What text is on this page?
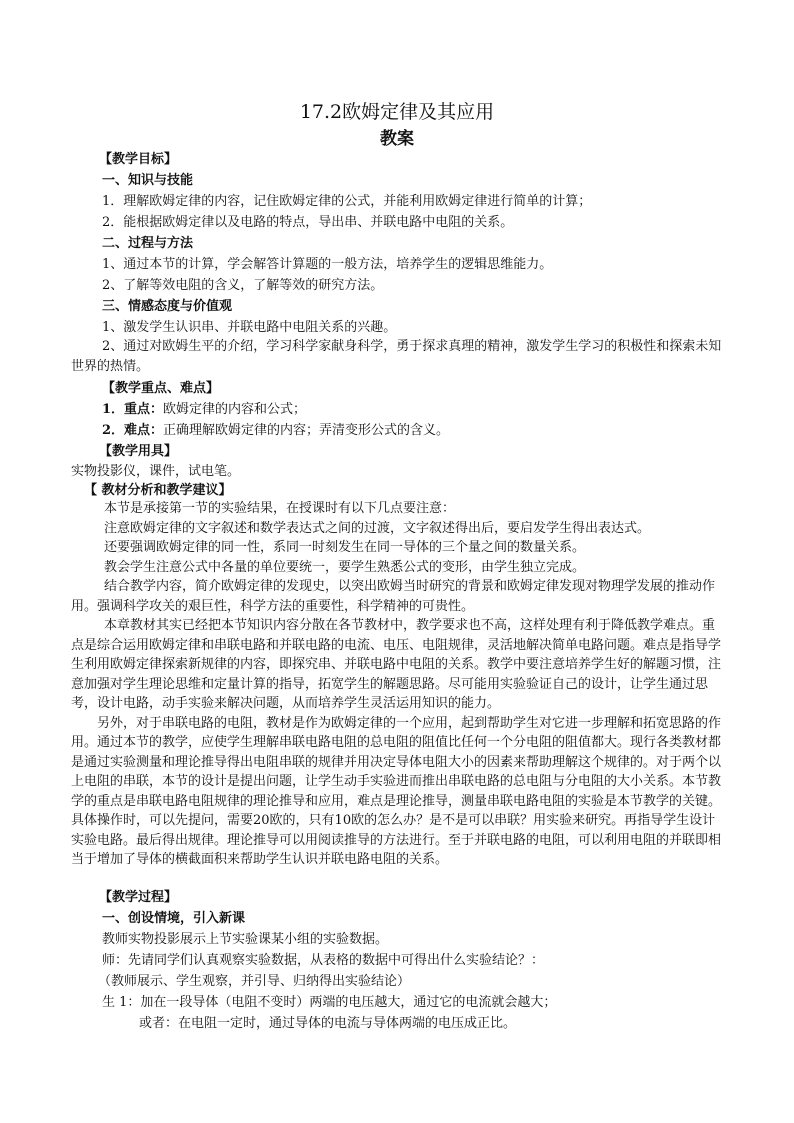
17.2欧姆定律及其应用
教案
【教学目标】
一、知识与技能
1．理解欧姆定律的内容，记住欧姆定律的公式，并能利用欧姆定律进行简单的计算；
2．能根据欧姆定律以及电路的特点，导出串、并联电路中电阻的关系。
二、过程与方法
1、通过本节的计算，学会解答计算题的一般方法，培养学生的逻辑思维能力。
2、了解等效电阻的含义，了解等效的研究方法。
三、情感态度与价值观
1、激发学生认识串、并联电路中电阻关系的兴趣。

2、通过对欧姆生平的介绍，学习科学家献身科学，勇于探求真理的精神，激发学生学习的积极性和探索未知世界的热情。

【教学重点、难点】
1．重点：欧姆定律的内容和公式；
2．难点：正确理解欧姆定律的内容；弄清变形公式的含义。
【教学用具】
实物投影仪，课件，试电笔。
【 教材分析和教学建议】

本节是承接第一节的实验结果，在授课时有以下几点要注意：

注意欧姆定律的文字叙述和数学表达式之间的过渡，文字叙述得出后，要启发学生得出表达式。

还要强调欧姆定律的同一性，系同一时刻发生在同一导体的三个量之间的数量关系。

教会学生注意公式中各量的单位要统一，要学生熟悉公式的变形，由学生独立完成。

结合教学内容，简介欧姆定律的发现史，以突出欧姆当时研究的背景和欧姆定律发现对物理学发展的推动作用。强调科学攻关的艰巨性，科学方法的重要性，科学精神的可贵性。

本章教材其实已经把本节知识内容分散在各节教材中，教学要求也不高，这样处理有利于降低教学难点。重点是综合运用欧姆定律和串联电路和并联电路的电流、电压、电阻规律，灵活地解决简单电路问题。难点是指导学生利用欧姆定律探索新规律的内容，即探究串、并联电路中电阻的关系。教学中要注意培养学生好的解题习惯，注意加强对学生理论思维和定量计算的指导，拓宽学生的解题思路。尽可能用实验验证自己的设计，让学生通过思考，设计电路，动手实验来解决问题，从而培养学生灵活运用知识的能力。

另外，对于串联电路的电阻，教材是作为欧姆定律的一个应用，起到帮助学生对它进一步理解和拓宽思路的作用。通过本节的教学，应使学生理解串联电路电阻的总电阻的阻值比任何一个分电阻的阻值都大。现行各类教材都是通过实验测量和理论推导得出电阻串联的规律并用决定导体电阻大小的因素来帮助理解这个规律的。对于两个以上电阻的串联，本节的设计是提出问题，让学生动手实验进而推出串联电路的总电阻与分电阻的大小关系。本节教学的重点是串联电路电阻规律的理论推导和应用，难点是理论推导，测量串联电路电阻的实验是本节教学的关键。具体操作时，可以先提问，需要20欧的，只有10欧的怎么办？是不是可以串联？用实验来研究。再指导学生设计实验电路。最后得出规律。理论推导可以用阅读推导的方法进行。至于并联电路的电阻，可以利用电阻的并联即相当于增加了导体的横截面积来帮助学生认识并联电路电阻的关系。

【教学过程】
一、创设情境，引入新课
教师实物投影展示上节实验课某小组的实验数据。
师：先请同学们认真观察实验数据，从表格的数据中可得出什么实验结论？：
（教师展示、学生观察，并引导、归纳得出实验结论）
生 1：加在一段导体（电阻不变时）两端的电压越大，通过它的电流就会越大；
或者：在电阻一定时，通过导体的电流与导体两端的电压成正比。
